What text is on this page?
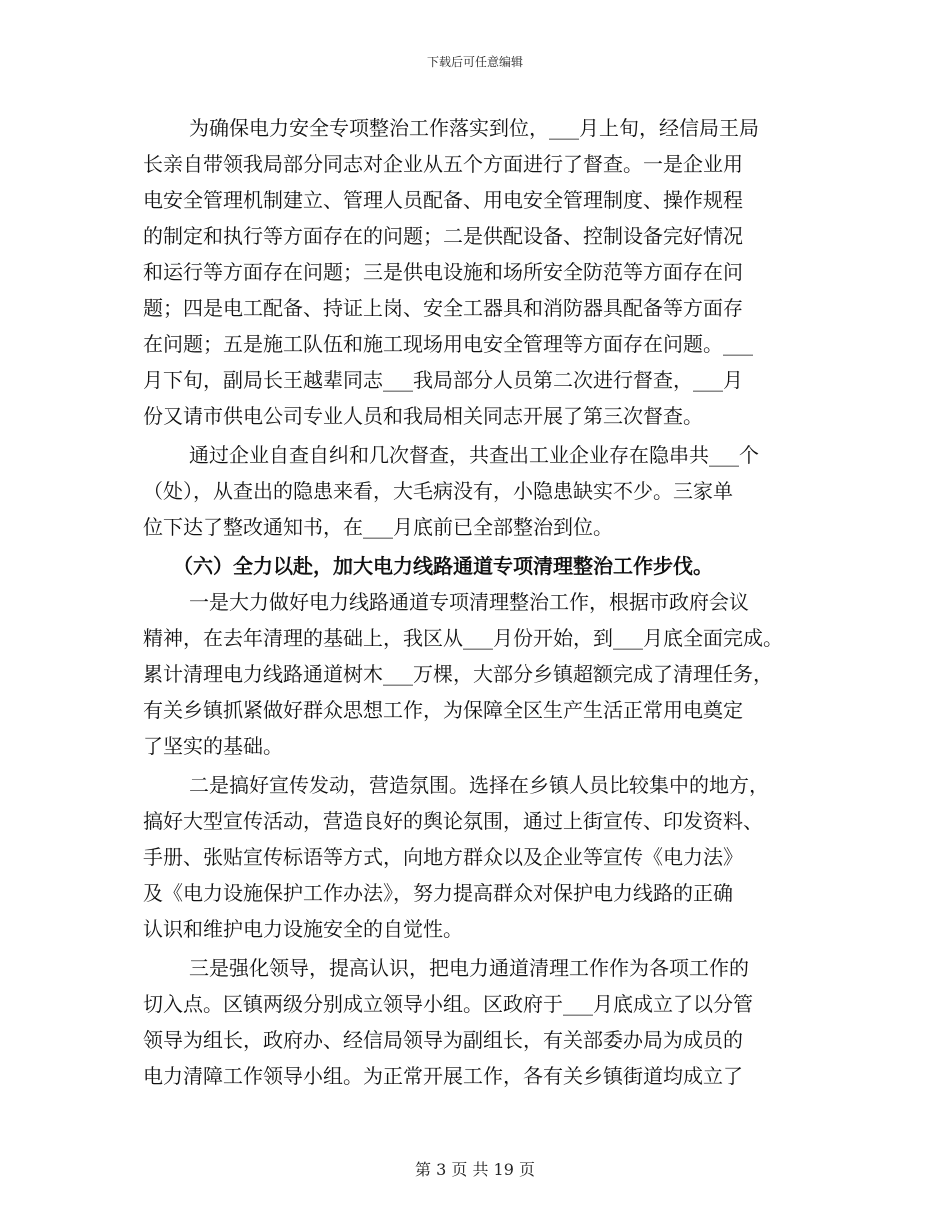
下载后可任意编辑
为确保电力安全专项整治工作落实到位，___月上旬，经信局王局
长亲自带领我局部分同志对企业从五个方面进行了督查。一是企业用
电安全管理机制建立、管理人员配备、用电安全管理制度、操作规程
的制定和执行等方面存在的问题；二是供配设备、控制设备完好情况
和运行等方面存在问题；三是供电设施和场所安全防范等方面存在问
题；四是电工配备、持证上岗、安全工器具和消防器具配备等方面存
在问题；五是施工队伍和施工现场用电安全管理等方面存在问题。___
月下旬，副局长王越辈同志___我局部分人员第二次进行督查，___月
份又请市供电公司专业人员和我局相关同志开展了第三次督查。
通过企业自查自纠和几次督查，共查出工业企业存在隐串共___个
（处），从查出的隐患来看，大毛病没有，小隐患缺实不少。三家单
位下达了整改通知书，在___月底前已全部整治到位。
（六）全力以赴，加大电力线路通道专项清理整治工作步伐。
一是大力做好电力线路通道专项清理整治工作，根据市政府会议
精神，在去年清理的基础上，我区从___月份开始，到___月底全面完成。
累计清理电力线路通道树木___万棵，大部分乡镇超额完成了清理任务，
有关乡镇抓紧做好群众思想工作，为保障全区生产生活正常用电奠定
了坚实的基础。
二是搞好宣传发动，营造氛围。选择在乡镇人员比较集中的地方，
搞好大型宣传活动，营造良好的舆论氛围，通过上街宣传、印发资料、
手册、张贴宣传标语等方式，向地方群众以及企业等宣传《电力法》
及《电力设施保护工作办法》，努力提高群众对保护电力线路的正确
认识和维护电力设施安全的自觉性。
三是强化领导，提高认识，把电力通道清理工作作为各项工作的
切入点。区镇两级分别成立领导小组。区政府于___月底成立了以分管
领导为组长，政府办、经信局领导为副组长，有关部委办局为成员的
电力清障工作领导小组。为正常开展工作，各有关乡镇街道均成立了
第 3 页 共 19 页
